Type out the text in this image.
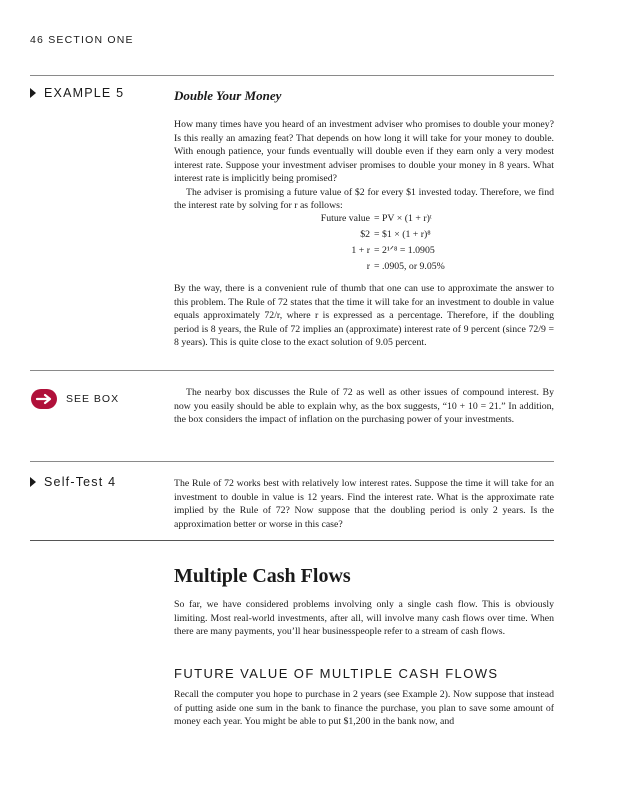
46 SECTION ONE
EXAMPLE 5	Double Your Money

How many times have you heard of an investment adviser who promises to double your money? Is this really an amazing feat? That depends on how long it will take for your money to double. With enough patience, your funds eventually will double even if they earn only a very modest interest rate. Suppose your investment adviser promises to double your money in 8 years. What interest rate is implicitly being promised?

The adviser is promising a future value of $2 for every $1 invested today. Therefore, we find the interest rate by solving for r as follows:

Future value = PV × (1 + r)ᵗ
$2 = $1 × (1 + r)⁸
1 + r = 2¹ᐟ⁸ = 1.0905
r = .0905, or 9.05%

By the way, there is a convenient rule of thumb that one can use to approximate the answer to this problem. The Rule of 72 states that the time it will take for an investment to double in value equals approximately 72/r, where r is expressed as a percentage. Therefore, if the doubling period is 8 years, the Rule of 72 implies an (approximate) interest rate of 9 percent (since 72/9 = 8 years). This is quite close to the exact solution of 9.05 percent.

SEE BOX

The nearby box discusses the Rule of 72 as well as other issues of compound interest. By now you easily should be able to explain why, as the box suggests, “10 + 10 = 21.” In addition, the box considers the impact of inflation on the purchasing power of your investments.

Self-Test 4	The Rule of 72 works best with relatively low interest rates. Suppose the time it will take for an investment to double in value is 12 years. Find the interest rate. What is the approximate rate implied by the Rule of 72? Now suppose that the doubling period is only 2 years. Is the approximation better or worse in this case?

Multiple Cash Flows

So far, we have considered problems involving only a single cash flow. This is obviously limiting. Most real-world investments, after all, will involve many cash flows over time. When there are many payments, you’ll hear businesspeople refer to a stream of cash flows.

FUTURE VALUE OF MULTIPLE CASH FLOWS

Recall the computer you hope to purchase in 2 years (see Example 2). Now suppose that instead of putting aside one sum in the bank to finance the purchase, you plan to save some amount of money each year. You might be able to put $1,200 in the bank now, and
